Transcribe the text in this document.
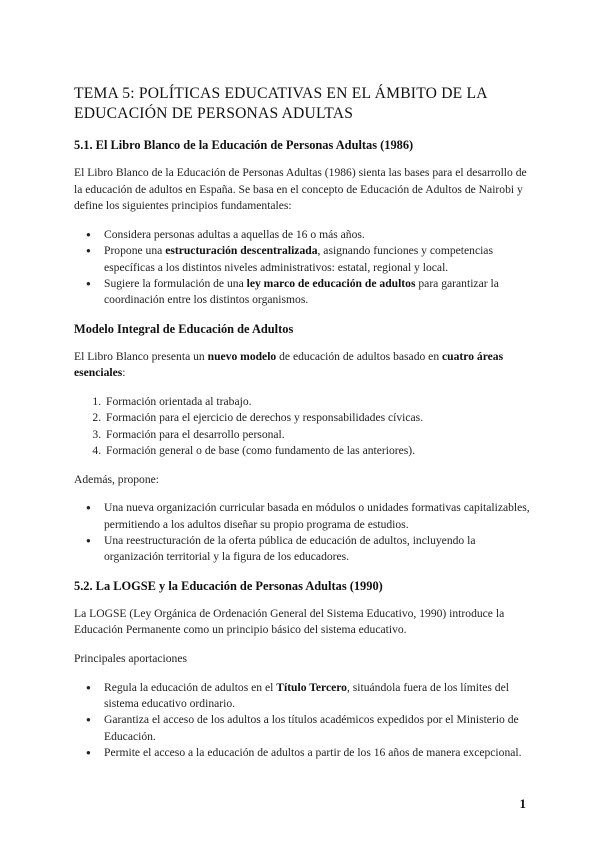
TEMA 5: POLÍTICAS EDUCATIVAS EN EL ÁMBITO DE LA EDUCACIÓN DE PERSONAS ADULTAS
5.1. El Libro Blanco de la Educación de Personas Adultas (1986)

El Libro Blanco de la Educación de Personas Adultas (1986) sienta las bases para el desarrollo de la educación de adultos en España. Se basa en el concepto de Educación de Adultos de Nairobi y define los siguientes principios fundamentales:

● Considera personas adultas a aquellas de 16 o más años.
● Propone una estructuración descentralizada, asignando funciones y competencias específicas a los distintos niveles administrativos: estatal, regional y local.
● Sugiere la formulación de una ley marco de educación de adultos para garantizar la coordinación entre los distintos organismos.
Modelo Integral de Educación de Adultos

El Libro Blanco presenta un nuevo modelo de educación de adultos basado en cuatro áreas esenciales:

1. Formación orientada al trabajo.
2. Formación para el ejercicio de derechos y responsabilidades cívicas.
3. Formación para el desarrollo personal.
4. Formación general o de base (como fundamento de las anteriores).

Además, propone:

● Una nueva organización curricular basada en módulos o unidades formativas capitalizables, permitiendo a los adultos diseñar su propio programa de estudios.
● Una reestructuración de la oferta pública de educación de adultos, incluyendo la organización territorial y la figura de los educadores.
5.2. La LOGSE y la Educación de Personas Adultas (1990)

La LOGSE (Ley Orgánica de Ordenación General del Sistema Educativo, 1990) introduce la Educación Permanente como un principio básico del sistema educativo.

Principales aportaciones

● Regula la educación de adultos en el Título Tercero, situándola fuera de los límites del sistema educativo ordinario.
● Garantiza el acceso de los adultos a los títulos académicos expedidos por el Ministerio de Educación.
● Permite el acceso a la educación de adultos a partir de los 16 años de manera excepcional.
1
